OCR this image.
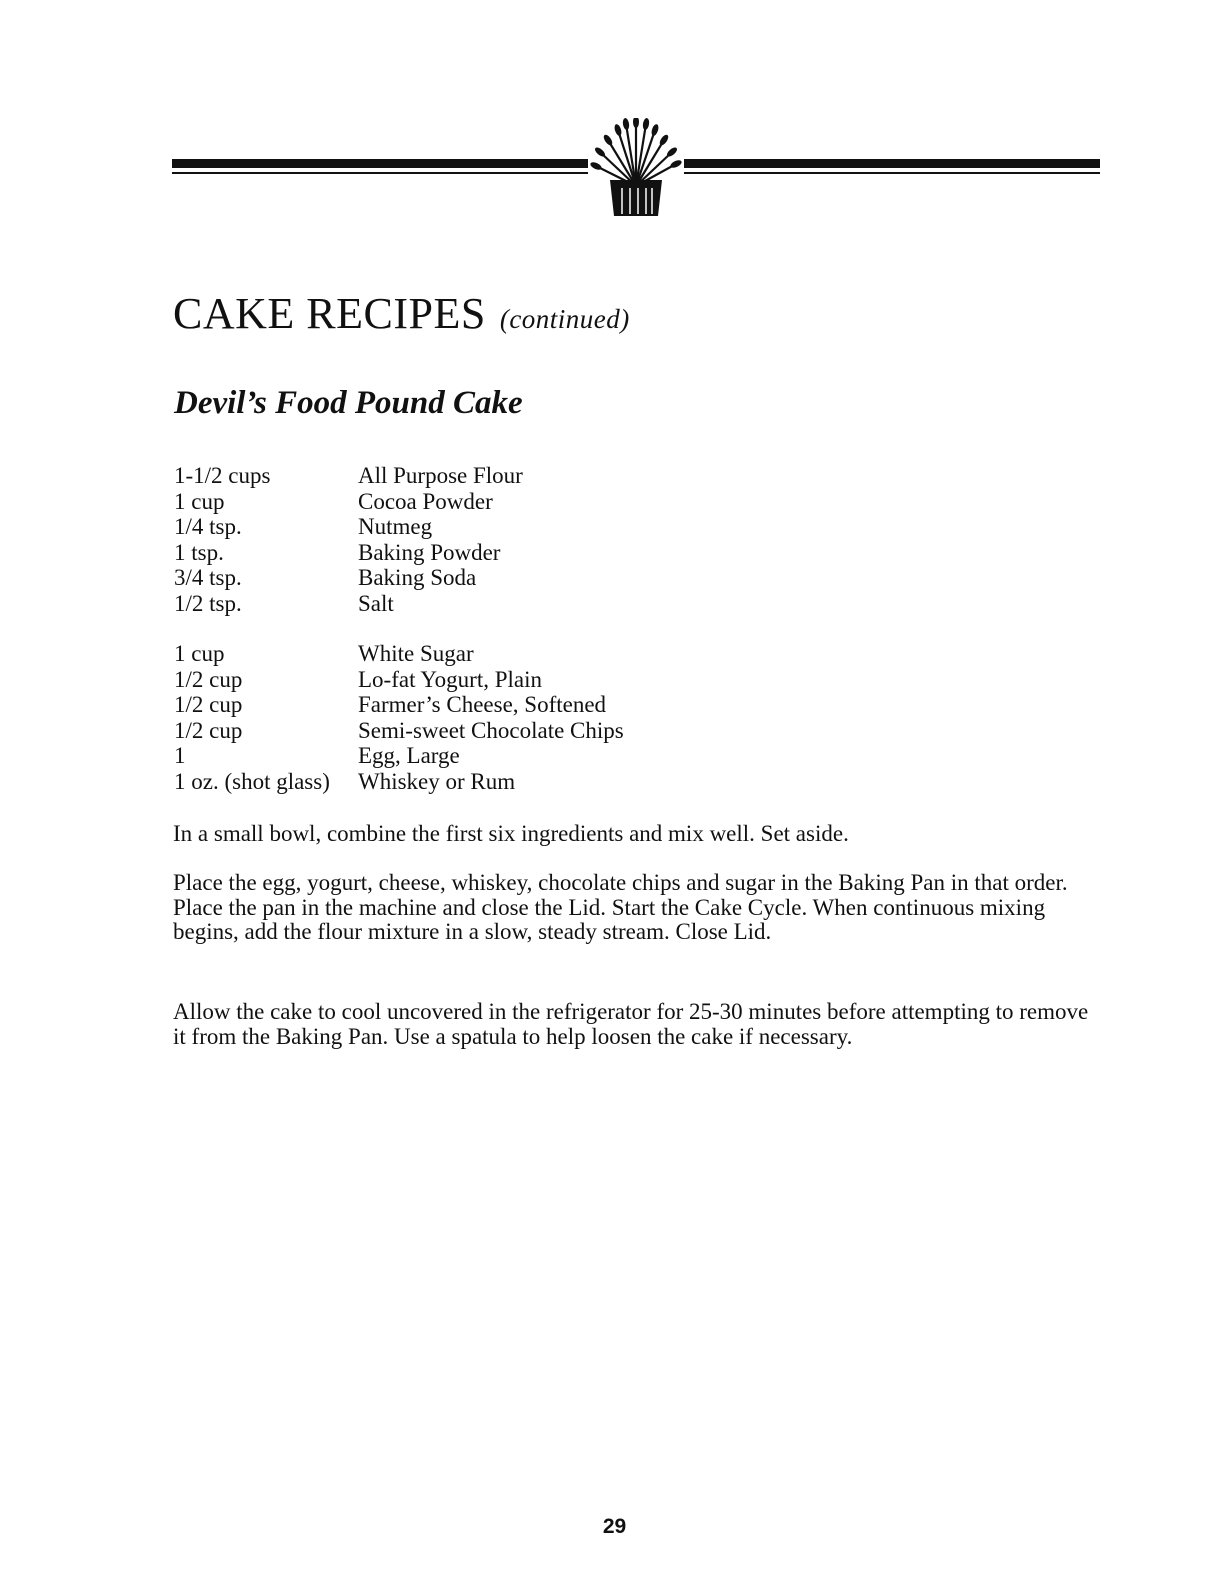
CAKE RECIPES (continued)
Devil’s Food Pound Cake
1-1/2 cups	All Purpose Flour
1 cup	Cocoa Powder
1/4 tsp.	Nutmeg
1 tsp.	Baking Powder
3/4 tsp.	Baking Soda
1/2 tsp.	Salt
1 cup	White Sugar
1/2 cup	Lo-fat Yogurt, Plain
1/2 cup	Farmer’s Cheese, Softened
1/2 cup	Semi-sweet Chocolate Chips
1	Egg, Large
1 oz. (shot glass)	Whiskey or Rum

In a small bowl, combine the first six ingredients and mix well. Set aside.

Place the egg, yogurt, cheese, whiskey, chocolate chips and sugar in the Baking Pan in that order. Place the pan in the machine and close the Lid. Start the Cake Cycle. When continuous mixing begins, add the flour mixture in a slow, steady stream. Close Lid.

Allow the cake to cool uncovered in the refrigerator for 25-30 minutes before attempting to remove it from the Baking Pan. Use a spatula to help loosen the cake if necessary.

29
